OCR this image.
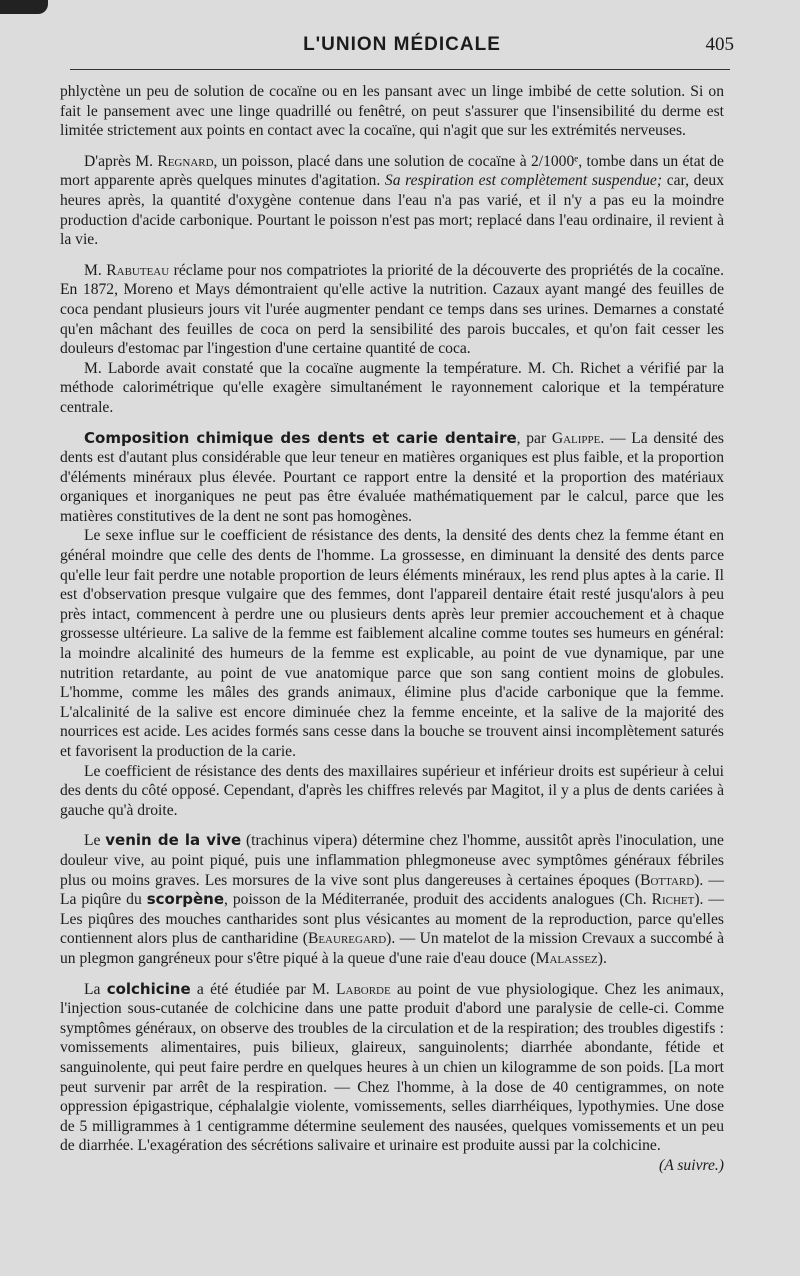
L'UNION MÉDICALE	405

phlyctène un peu de solution de cocaïne ou en les pansant avec un linge imbibé de cette solution. Si on fait le pansement avec une linge quadrillé ou fenêtré, on peut s'assurer que l'insensibilité du derme est limitée strictement aux points en contact avec la cocaïne, qui n'agit que sur les extrémités nerveuses.

D'après M. Regnard, un poisson, placé dans une solution de cocaïne à 2/1000ᵉ, tombe dans un état de mort apparente après quelques minutes d'agitation. Sa respiration est complètement suspendue; car, deux heures après, la quantité d'oxygène contenue dans l'eau n'a pas varié, et il n'y a pas eu la moindre production d'acide carbonique. Pourtant le poisson n'est pas mort; replacé dans l'eau ordinaire, il revient à la vie.

M. Rabuteau réclame pour nos compatriotes la priorité de la découverte des propriétés de la cocaïne. En 1872, Moreno et Mays démontraient qu'elle active la nutrition. Cazaux ayant mangé des feuilles de coca pendant plusieurs jours vit l'urée augmenter pendant ce temps dans ses urines. Demarnes a constaté qu'en mâchant des feuilles de coca on perd la sensibilité des parois buccales, et qu'on fait cesser les douleurs d'estomac par l'ingestion d'une certaine quantité de coca.

M. Laborde avait constaté que la cocaïne augmente la température. M. Ch. Richet a vérifié par la méthode calorimétrique qu'elle exagère simultanément le rayonnement calorique et la température centrale.

Composition chimique des dents et carie dentaire, par Galippe. — La densité des dents est d'autant plus considérable que leur teneur en matières organiques est plus faible, et la proportion d'éléments minéraux plus élevée. Pourtant ce rapport entre la densité et la proportion des matériaux organiques et inorganiques ne peut pas être évaluée mathématiquement par le calcul, parce que les matières constitutives de la dent ne sont pas homogènes.

Le sexe influe sur le coefficient de résistance des dents, la densité des dents chez la femme étant en général moindre que celle des dents de l'homme. La grossesse, en diminuant la densité des dents parce qu'elle leur fait perdre une notable proportion de leurs éléments minéraux, les rend plus aptes à la carie. Il est d'observation presque vulgaire que des femmes, dont l'appareil dentaire était resté jusqu'alors à peu près intact, commencent à perdre une ou plusieurs dents après leur premier accouchement et à chaque grossesse ultérieure. La salive de la femme est faiblement alcaline comme toutes ses humeurs en général: la moindre alcalinité des humeurs de la femme est explicable, au point de vue dynamique, par une nutrition retardante, au point de vue anatomique parce que son sang contient moins de globules. L'homme, comme les mâles des grands animaux, élimine plus d'acide carbonique que la femme. L'alcalinité de la salive est encore diminuée chez la femme enceinte, et la salive de la majorité des nourrices est acide. Les acides formés sans cesse dans la bouche se trouvent ainsi incomplètement saturés et favorisent la production de la carie.

Le coefficient de résistance des dents des maxillaires supérieur et inférieur droits est supérieur à celui des dents du côté opposé. Cependant, d'après les chiffres relevés par Magitot, il y a plus de dents cariées à gauche qu'à droite.

Le venin de la vive (trachinus vipera) détermine chez l'homme, aussitôt après l'inoculation, une douleur vive, au point piqué, puis une inflammation phlegmoneuse avec symptômes généraux fébriles plus ou moins graves. Les morsures de la vive sont plus dangereuses à certaines époques (Bottard). — La piqûre du scorpène, poisson de la Méditerranée, produit des accidents analogues (Ch. Richet). — Les piqûres des mouches cantharides sont plus vésicantes au moment de la reproduction, parce qu'elles contiennent alors plus de cantharidine (Beauregard). — Un matelot de la mission Crevaux a succombé à un plegmon gangréneux pour s'être piqué à la queue d'une raie d'eau douce (Malassez).

La colchicine a été étudiée par M. Laborde au point de vue physiologique. Chez les animaux, l'injection sous-cutanée de colchicine dans une patte produit d'abord une paralysie de celle-ci. Comme symptômes généraux, on observe des troubles de la circulation et de la respiration; des troubles digestifs : vomissements alimentaires, puis bilieux, glaireux, sanguinolents; diarrhée abondante, fétide et sanguinolente, qui peut faire perdre en quelques heures à un chien un kilogramme de son poids. [La mort peut survenir par arrêt de la respiration. — Chez l'homme, à la dose de 40 centigrammes, on note oppression épigastrique, céphalalgie violente, vomissements, selles diarrhéiques, lypothymies. Une dose de 5 milligrammes à 1 centigramme détermine seulement des nausées, quelques vomissements et un peu de diarrhée. L'exagération des sécrétions salivaire et urinaire est produite aussi par la colchicine.
(A suivre.)
